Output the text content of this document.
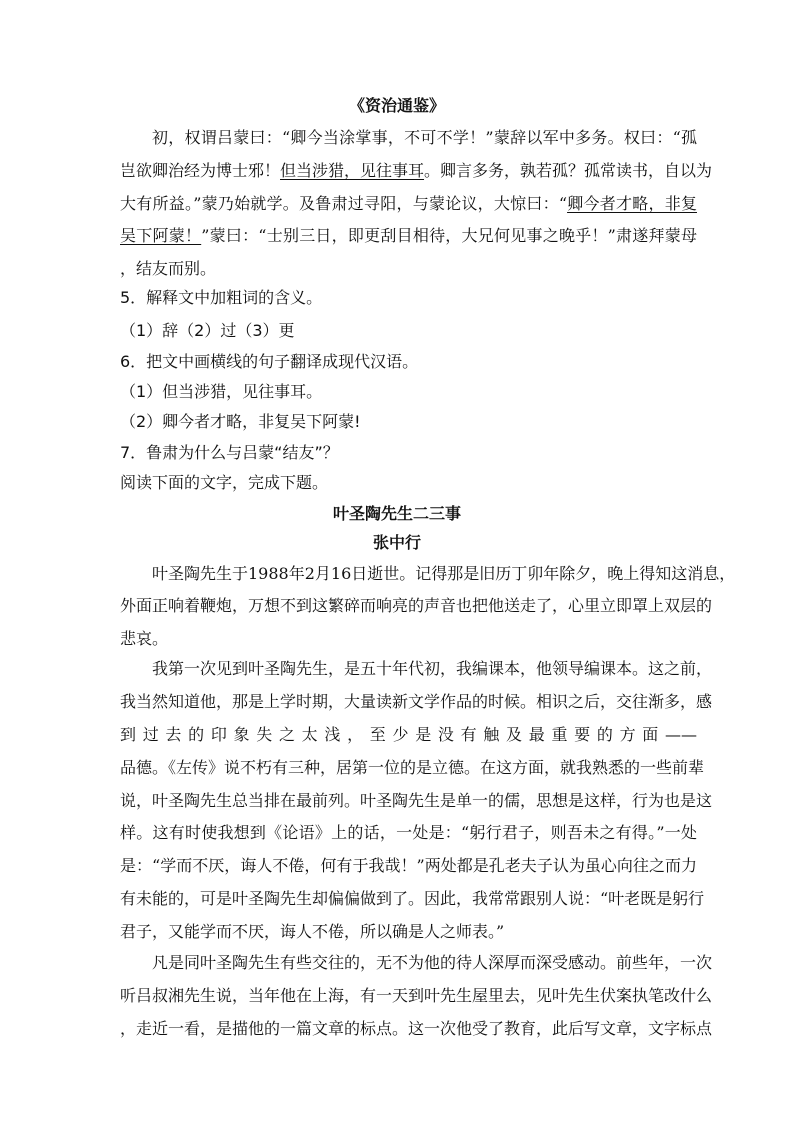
《资治通鉴》
初，权谓吕蒙曰：“卿今当涂掌事，不可不学！”蒙辞以军中多务。权曰：“孤
岂欲卿治经为博士邪！但当涉猎，见往事耳。卿言多务，孰若孤？孤常读书，自以为
大有所益。”蒙乃始就学。及鲁肃过寻阳，与蒙论议，大惊曰：“卿今者才略，非复
吴下阿蒙！”蒙曰：“士别三日，即更刮目相待，大兄何见事之晚乎！”肃遂拜蒙母
，结友而别。
5．解释文中加粗词的含义。
（1）辞（2）过（3）更
6．把文中画横线的句子翻译成现代汉语。
（1）但当涉猎，见往事耳。
（2）卿今者才略，非复吴下阿蒙!
7．鲁肃为什么与吕蒙“结友”？
阅读下面的文字，完成下题。
叶圣陶先生二三事
张中行
叶圣陶先生于1988年2月16日逝世。记得那是旧历丁卯年除夕，晚上得知这消息，
外面正响着鞭炮，万想不到这繁碎而响亮的声音也把他送走了，心里立即罩上双层的
悲哀。
我第一次见到叶圣陶先生，是五十年代初，我编课本，他领导编课本。这之前，
我当然知道他，那是上学时期，大量读新文学作品的时候。相识之后，交往渐多，感
到过去的印象失之太浅，至少是没有触及最重要的方面——
品德。《左传》说不朽有三种，居第一位的是立德。在这方面，就我熟悉的一些前辈
说，叶圣陶先生总当排在最前列。叶圣陶先生是单一的儒，思想是这样，行为也是这
样。这有时使我想到《论语》上的话，一处是：“躬行君子，则吾未之有得。”一处
是：“学而不厌，诲人不倦，何有于我哉！”两处都是孔老夫子认为虽心向往之而力
有未能的，可是叶圣陶先生却偏偏做到了。因此，我常常跟别人说：“叶老既是躬行
君子，又能学而不厌，诲人不倦，所以确是人之师表。”
凡是同叶圣陶先生有些交往的，无不为他的待人深厚而深受感动。前些年，一次
听吕叔湘先生说，当年他在上海，有一天到叶先生屋里去，见叶先生伏案执笔改什么
，走近一看，是描他的一篇文章的标点。这一次他受了教育，此后写文章，文字标点
